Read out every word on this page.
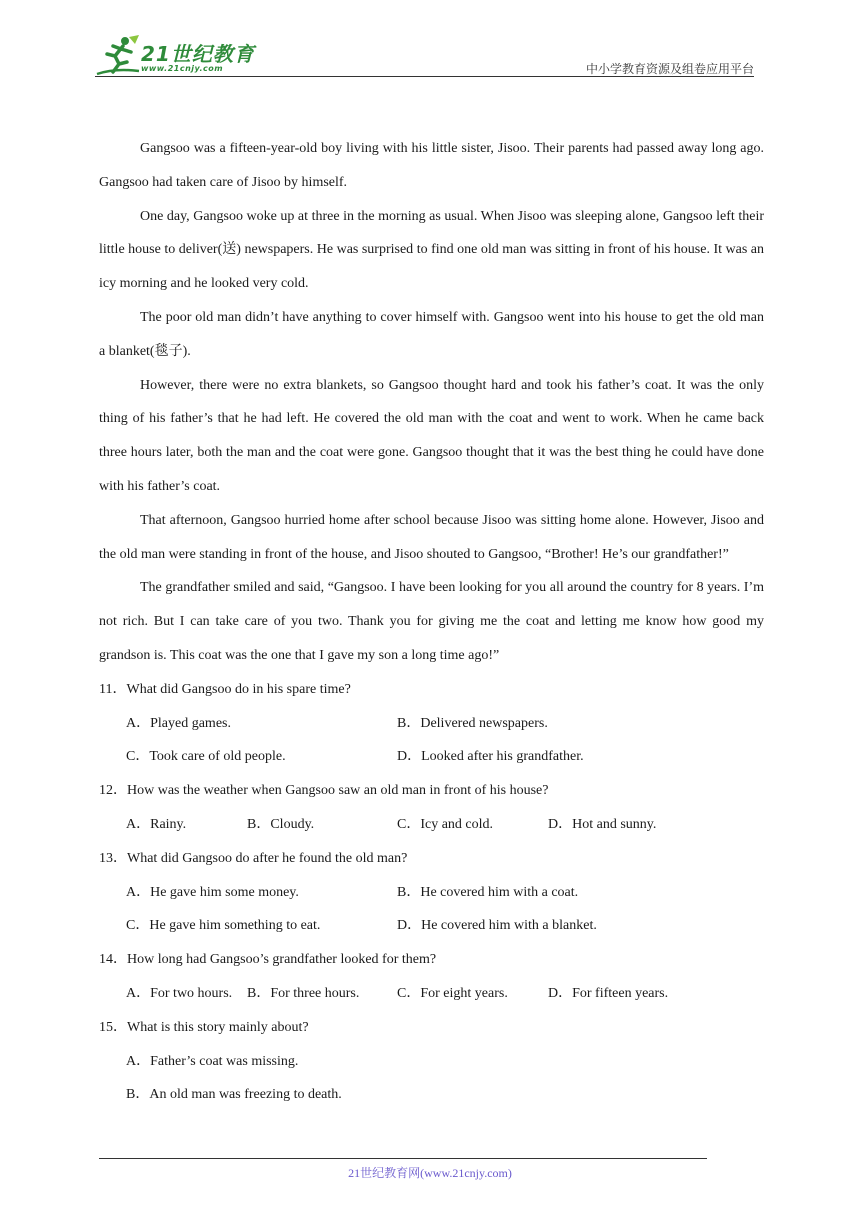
21世纪教育
www.21cnjy.com	中小学教育资源及组卷应用平台

Gangsoo was a fifteen-year-old boy living with his little sister, Jisoo. Their parents had passed away long ago. Gangsoo had taken care of Jisoo by himself.

One day, Gangsoo woke up at three in the morning as usual. When Jisoo was sleeping alone, Gangsoo left their little house to deliver(送) newspapers. He was surprised to find one old man was sitting in front of his house. It was an icy morning and he looked very cold.

The poor old man didn’t have anything to cover himself with. Gangsoo went into his house to get the old man a blanket(毯子).

However, there were no extra blankets, so Gangsoo thought hard and took his father’s coat. It was the only thing of his father’s that he had left. He covered the old man with the coat and went to work. When he came back three hours later, both the man and the coat were gone. Gangsoo thought that it was the best thing he could have done with his father’s coat.

That afternoon, Gangsoo hurried home after school because Jisoo was sitting home alone. However, Jisoo and the old man were standing in front of the house, and Jisoo shouted to Gangsoo, “Brother! He’s our grandfather!”

The grandfather smiled and said, “Gangsoo. I have been looking for you all around the country for 8 years. I’m not rich. But I can take care of you two. Thank you for giving me the coat and letting me know how good my grandson is. This coat was the one that I gave my son a long time ago!”

11．What did Gangsoo do in his spare time?

A．Played games.	B．Delivered newspapers.
C．Took care of old people.	D．Looked after his grandfather.

12．How was the weather when Gangsoo saw an old man in front of his house?

A．Rainy.	B．Cloudy.	C．Icy and cold.	D．Hot and sunny.

13．What did Gangsoo do after he found the old man?

A．He gave him some money.	B．He covered him with a coat.
C．He gave him something to eat.	D．He covered him with a blanket.

14．How long had Gangsoo’s grandfather looked for them?

A．For two hours. B．For three hours.	C．For eight years.	D．For fifteen years.

15．What is this story mainly about?

A．Father’s coat was missing.
B．An old man was freezing to death.
21世纪教育网(www.21cnjy.com)
